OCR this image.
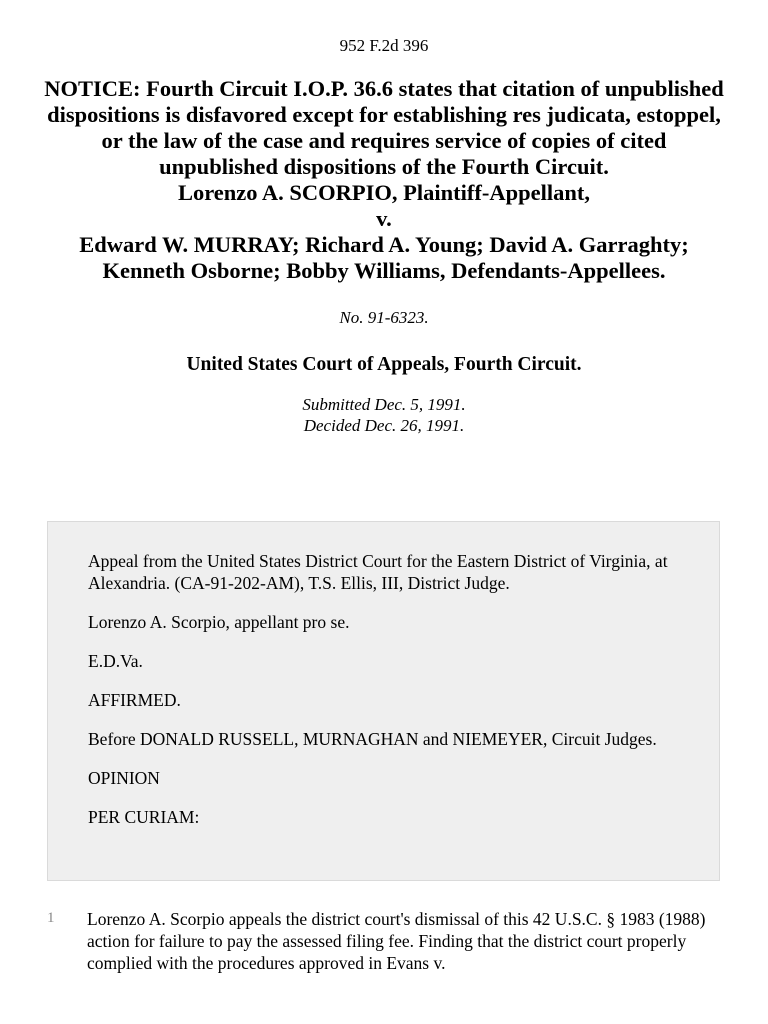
952 F.2d 396
NOTICE: Fourth Circuit I.O.P. 36.6 states that citation of unpublished dispositions is disfavored except for establishing res judicata, estoppel, or the law of the case and requires service of copies of cited unpublished dispositions of the Fourth Circuit.
Lorenzo A. SCORPIO, Plaintiff-Appellant,
v.
Edward W. MURRAY; Richard A. Young; David A. Garraghty;
Kenneth Osborne; Bobby Williams, Defendants-Appellees.
No. 91-6323.
United States Court of Appeals, Fourth Circuit.
Submitted Dec. 5, 1991.
Decided Dec. 26, 1991.

Appeal from the United States District Court for the Eastern District of Virginia, at Alexandria. (CA-91-202-AM), T.S. Ellis, III, District Judge.

Lorenzo A. Scorpio, appellant pro se.

E.D.Va.

AFFIRMED.

Before DONALD RUSSELL, MURNAGHAN and NIEMEYER, Circuit Judges.

OPINION

PER CURIAM:

1 Lorenzo A. Scorpio appeals the district court's dismissal of this 42 U.S.C. § 1983 (1988) action for failure to pay the assessed filing fee. Finding that the district court properly complied with the procedures approved in Evans v.
